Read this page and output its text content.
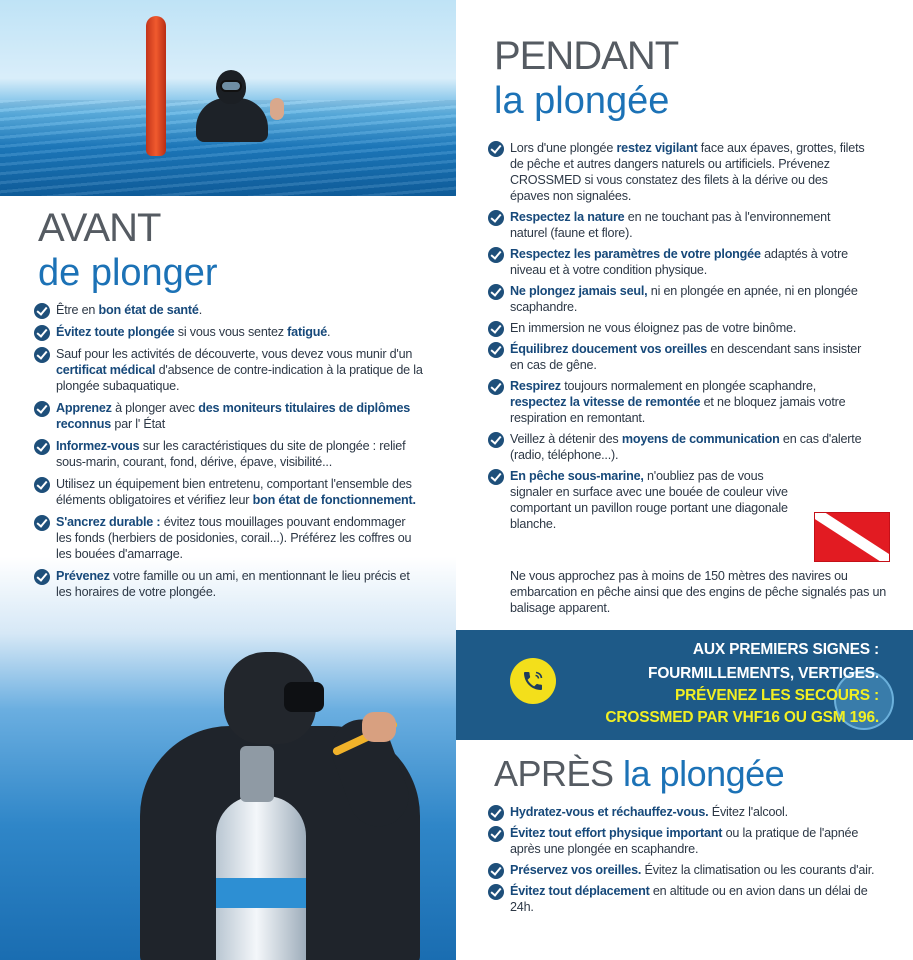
AVANT
de plonger
Être en bon état de santé.
Évitez toute plongée si vous vous sentez fatigué.
Sauf pour les activités de découverte, vous devez vous munir d'un certificat médical d'absence de contre-indication à la pratique de la plongée subaquatique.
Apprenez à plonger avec des moniteurs titulaires de diplômes reconnus par l' État
Informez-vous sur les caractéristiques du site de plongée : relief sous-marin, courant, fond, dérive, épave, visibilité...
Utilisez un équipement bien entretenu, comportant l'ensemble des éléments obligatoires et vérifiez leur bon état de fonctionnement.
S'ancrez durable : évitez tous mouillages pouvant endommager les fonds (herbiers de posidonies, corail...). Préférez les coffres ou les bouées d'amarrage.
Prévenez votre famille ou un ami, en mentionnant le lieu précis et les horaires de votre plongée.
PENDANT
la plongée
Lors d'une plongée restez vigilant face aux épaves, grottes, filets de pêche et autres dangers naturels ou artificiels. Prévenez CROSSMED si vous constatez des filets à la dérive ou des épaves non signalées.
Respectez la nature en ne touchant pas à l'environnement naturel (faune et flore).
Respectez les paramètres de votre plongée adaptés à votre niveau et à votre condition physique.
Ne plongez jamais seul, ni en plongée en apnée, ni en plongée scaphandre.
En immersion ne vous éloignez pas de votre binôme.
Équilibrez doucement vos oreilles en descendant sans insister en cas de gêne.
Respirez toujours normalement en plongée scaphandre, respectez la vitesse de remontée et ne bloquez jamais votre respiration en remontant.
Veillez à détenir des moyens de communication en cas d'alerte (radio, téléphone...).
En pêche sous-marine, n'oubliez pas de vous signaler en surface avec une bouée de couleur vive comportant un pavillon rouge portant une diagonale blanche.

Ne vous approchez pas à moins de 150 mètres des navires ou embarcation en pêche ainsi que des engins de pêche signalés pas un balisage apparent.

AUX PREMIERS SIGNES :
FOURMILLEMENTS, VERTIGES.
PRÉVENEZ LES SECOURS :
CROSSMED PAR VHF16 OU GSM 196.
APRÈS la plongée
Hydratez-vous et réchauffez-vous. Évitez l'alcool.
Évitez tout effort physique important ou la pratique de l'apnée après une plongée en scaphandre.
Préservez vos oreilles. Évitez la climatisation ou les courants d'air.
Évitez tout déplacement en altitude ou en avion dans un délai de 24h.
